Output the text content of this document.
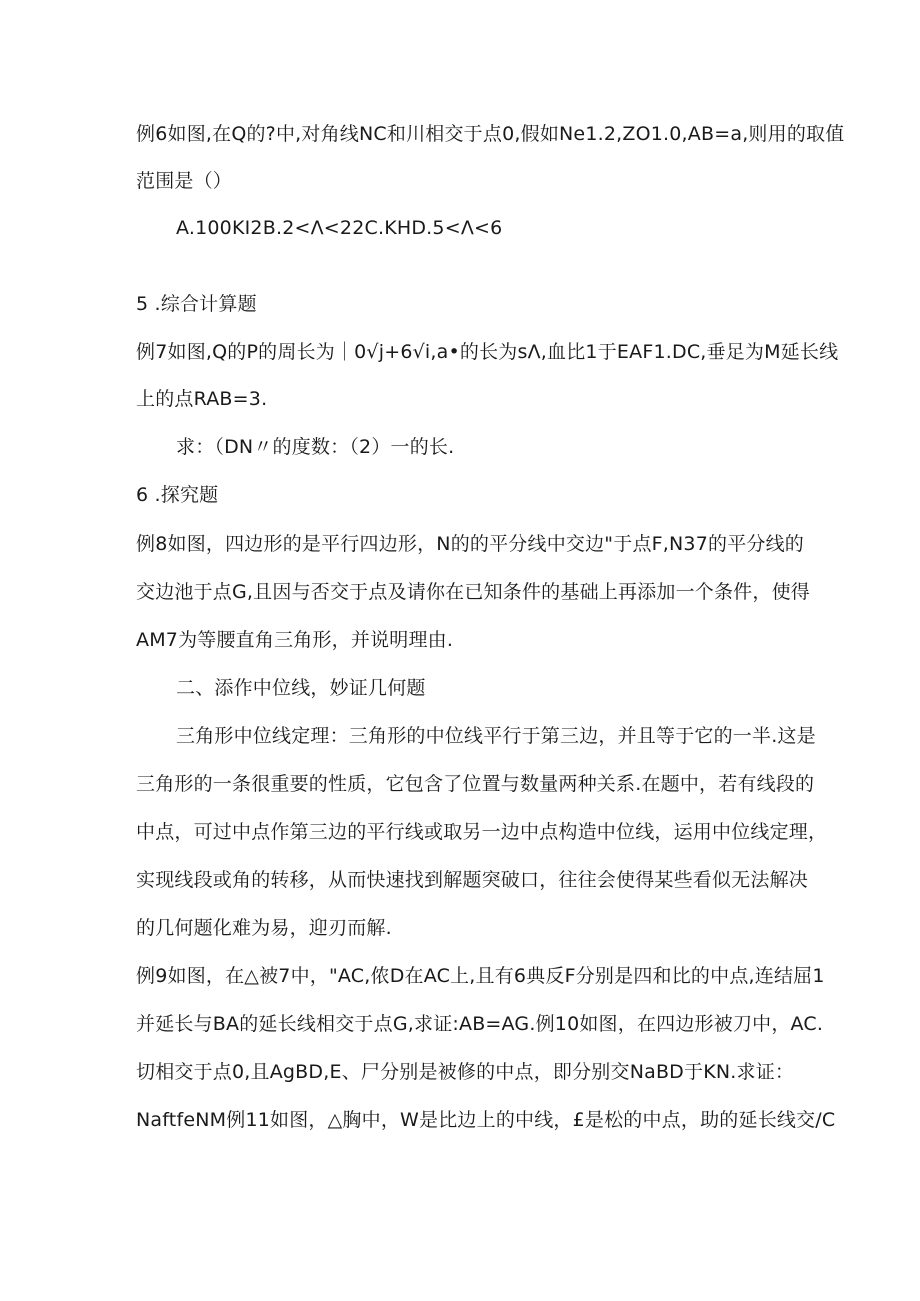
例6如图,在Q的?中,对角线NC和川相交于点0,假如Ne1.2,ZO1.0,AB=a,则用的取值
范围是（）
A.100KI2B.2<Λ<22C.KHD.5<Λ<6
5 .综合计算题
例7如图,Q的P的周长为｜0√j+6√i,a•的长为sΛ,血比1于EAF1.DC,垂足为M延长线
上的点RAB=3.
求：（DN〃的度数：（2）一的长.
6 .探究题
例8如图，四边形的是平行四边形，N的的平分线中交边"于点F,N37的平分线的
交边池于点G,且因与否交于点及请你在已知条件的基础上再添加一个条件，使得
AM7为等腰直角三角形，并说明理由.
二、添作中位线，妙证几何题
三角形中位线定理：三角形的中位线平行于第三边，并且等于它的一半.这是
三角形的一条很重要的性质，它包含了位置与数量两种关系.在题中，若有线段的
中点，可过中点作第三边的平行线或取另一边中点构造中位线，运用中位线定理，
实现线段或角的转移，从而快速找到解题突破口，往往会使得某些看似无法解决
的几何题化难为易，迎刃而解.
例9如图，在△被7中，"AC,侬D在AC上,且有6典反F分别是四和比的中点,连结屈1
并延长与BA的延长线相交于点G,求证:AB=AG.例10如图，在四边形被刀中，AC.
切相交于点0,且AgBD,E、尸分别是被修的中点，即分别交NaBD于KN.求证：
NaftfeNM例11如图，△胸中，W是比边上的中线，£是松的中点，助的延长线交/C
